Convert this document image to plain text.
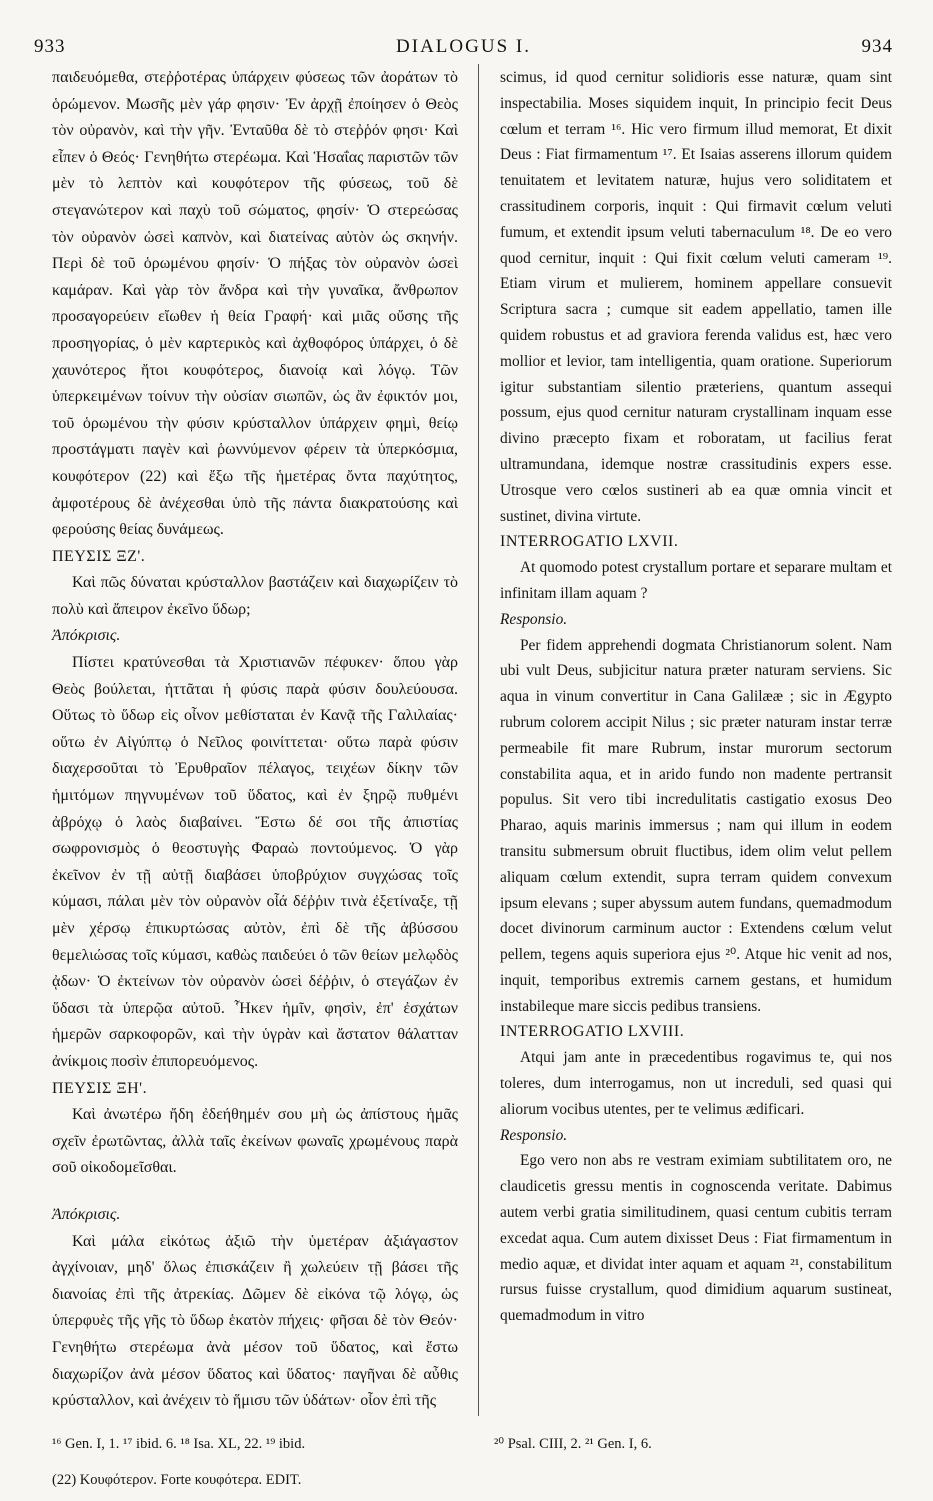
933	DIALOGUS I.	934

παιδευόμεθα, στεῤῥοτέρας ὑπάρχειν φύσεως τῶν ἀοράτων τὸ ὁρώμενον. Μωσῆς μὲν γάρ φησιν· Ἐν ἀρχῇ ἐποίησεν ὁ Θεὸς τὸν οὐρανὸν, καὶ τὴν γῆν. Ἐνταῦθα δὲ τὸ στεῤῥόν φησι· Καὶ εἶπεν ὁ Θεός· Γενηθήτω στερέωμα. Καὶ Ἡσαΐας παριστῶν τῶν μὲν τὸ λεπτὸν καὶ κουφότερον τῆς φύσεως, τοῦ δὲ στεγανώτερον καὶ παχὺ τοῦ σώματος, φησίν· Ὁ στερεώσας τὸν οὐρανὸν ὡσεὶ καπνὸν, καὶ διατείνας αὐτὸν ὡς σκηνήν. Περὶ δὲ τοῦ ὁρωμένου φησίν· Ὁ πήξας τὸν οὐρανὸν ὡσεὶ καμάραν. Καὶ γὰρ τὸν ἄνδρα καὶ τὴν γυναῖκα, ἄνθρωπον προσαγορεύειν εἴωθεν ἡ θεία Γραφή· καὶ μιᾶς οὔσης τῆς προσηγορίας, ὁ μὲν καρτερικὸς καὶ ἀχθοφόρος ὑπάρχει, ὁ δὲ χαυνότερος ἤτοι κουφότερος, διανοίᾳ καὶ λόγῳ. Τῶν ὑπερκειμένων τοίνυν τὴν οὐσίαν σιωπῶν, ὡς ἂν ἐφικτόν μοι, τοῦ ὁρωμένου τὴν φύσιν κρύσταλλον ὑπάρχειν φημὶ, θείῳ προστάγματι παγὲν καὶ ῥωννύμενον φέρειν τὰ ὑπερκόσμια, κουφότερον (22) καὶ ἔξω τῆς ἡμετέρας ὄντα παχύτητος, ἀμφοτέρους δὲ ἀνέχεσθαι ὑπὸ τῆς πάντα διακρατούσης καὶ φερούσης θείας δυνάμεως.

ΠΕΥΣΙΣ ΞΖ'.

Καὶ πῶς δύναται κρύσταλλον βαστάζειν καὶ διαχωρίζειν τὸ πολὺ καὶ ἄπειρον ἐκεῖνο ὕδωρ;

Ἀπόκρισις.

Πίστει κρατύνεσθαι τὰ Χριστιανῶν πέφυκεν· ὅπου γὰρ Θεὸς βούλεται, ἡττᾶται ἡ φύσις παρὰ φύσιν δουλεύουσα. Οὕτως τὸ ὕδωρ εἰς οἶνον μεθίσταται ἐν Κανᾷ τῆς Γαλιλαίας· οὕτω ἐν Αἰγύπτῳ ὁ Νεῖλος φοινίττεται· οὕτω παρὰ φύσιν διαχερσοῦται τὸ Ἐρυθραῖον πέλαγος, τειχέων δίκην τῶν ἡμιτόμων πηγνυμένων τοῦ ὕδατος, καὶ ἐν ξηρῷ πυθμένι ἀβρόχῳ ὁ λαὸς διαβαίνει. Ἔστω δέ σοι τῆς ἀπιστίας σωφρονισμὸς ὁ θεοστυγὴς Φαραὼ ποντούμενος. Ὁ γὰρ ἐκεῖνον ἐν τῇ αὐτῇ διαβάσει ὑποβρύχιον συγχώσας τοῖς κύμασι, πάλαι μὲν τὸν οὐρανὸν οἷά δέῤῥιν τινὰ ἐξετίναξε, τῇ μὲν χέρσῳ ἐπικυρτώσας αὐτὸν, ἐπὶ δὲ τῆς ἀβύσσου θεμελιώσας τοῖς κύμασι, καθὼς παιδεύει ὁ τῶν θείων μελῳδὸς ᾀδων· Ὁ ἐκτείνων τὸν οὐρανὸν ὡσεὶ δέῤῥιν, ὁ στεγάζων ἐν ὕδασι τὰ ὑπερῷα αὐτοῦ. Ἧκεν ἡμῖν, φησὶν, ἐπ' ἐσχάτων ἡμερῶν σαρκοφορῶν, καὶ τὴν ὑγρὰν καὶ ἄστατον θάλατταν ἀνίκμοις ποσὶν ἐπιπορευόμενος.

ΠΕΥΣΙΣ ΞΗ'.

Καὶ ἀνωτέρω ἤδη ἐδεήθημέν σου μὴ ὡς ἀπίστους ἡμᾶς σχεῖν ἐρωτῶντας, ἀλλὰ ταῖς ἐκείνων φωναῖς χρωμένους παρὰ σοῦ οἰκοδομεῖσθαι.

Ἀπόκρισις.

Καὶ μάλα εἰκότως ἀξιῶ τὴν ὑμετέραν ἀξιάγαστον ἀγχίνοιαν, μηδ' ὅλως ἐπισκάζειν ἢ χωλεύειν τῇ βάσει τῆς διανοίας ἐπὶ τῆς ἀτρεκίας. Δῶμεν δὲ εἰκόνα τῷ λόγῳ, ὡς ὑπερφυὲς τῆς γῆς τὸ ὕδωρ ἑκατὸν πήχεις· φῆσαι δὲ τὸν Θεόν· Γενηθήτω στερέωμα ἀνὰ μέσον τοῦ ὕδατος, καὶ ἔστω διαχωρίζον ἀνὰ μέσον ὕδατος καὶ ὕδατος· παγῆναι δὲ αὖθις κρύσταλλον, καὶ ἀνέχειν τὸ ἥμισυ τῶν ὑδάτων· οἷον ἐπὶ τῆς

scimus, id quod cernitur solidioris esse naturæ, quam sint inspectabilia. Moses siquidem inquit, In principio fecit Deus cœlum et terram ¹⁶. Hic vero firmum illud memorat, Et dixit Deus : Fiat firmamentum ¹⁷. Et Isaias asserens illorum quidem tenuitatem et levitatem naturæ, hujus vero soliditatem et crassitudinem corporis, inquit : Qui firmavit cœlum veluti fumum, et extendit ipsum veluti tabernaculum ¹⁸. De eo vero quod cernitur, inquit : Qui fixit cœlum veluti cameram ¹⁹. Etiam virum et mulierem, hominem appellare consuevit Scriptura sacra ; cumque sit eadem appellatio, tamen ille quidem robustus et ad graviora ferenda validus est, hæc vero mollior et levior, tam intelligentia, quam oratione. Superiorum igitur substantiam silentio præteriens, quantum assequi possum, ejus quod cernitur naturam crystallinam inquam esse divino præcepto fixam et roboratam, ut facilius ferat ultramundana, idemque nostræ crassitudinis expers esse. Utrosque vero cœlos sustineri ab ea quæ omnia vincit et sustinet, divina virtute.

INTERROGATIO LXVII.

At quomodo potest crystallum portare et separare multam et infinitam illam aquam ?

Responsio.

Per fidem apprehendi dogmata Christianorum solent. Nam ubi vult Deus, subjicitur natura præter naturam serviens. Sic aqua in vinum convertitur in Cana Galilææ ; sic in Ægypto rubrum colorem accipit Nilus ; sic præter naturam instar terræ permeabile fit mare Rubrum, instar murorum sectorum constabilita aqua, et in arido fundo non madente pertransit populus. Sit vero tibi incredulitatis castigatio exosus Deo Pharao, aquis marinis immersus ; nam qui illum in eodem transitu submersum obruit fluctibus, idem olim velut pellem aliquam cœlum extendit, supra terram quidem convexum ipsum elevans ; super abyssum autem fundans, quemadmodum docet divinorum carminum auctor : Extendens cœlum velut pellem, tegens aquis superiora ejus ²⁰. Atque hic venit ad nos, inquit, temporibus extremis carnem gestans, et humidum instabileque mare siccis pedibus transiens.

INTERROGATIO LXVIII.

Atqui jam ante in præcedentibus rogavimus te, qui nos toleres, dum interrogamus, non ut increduli, sed quasi qui aliorum vocibus utentes, per te velimus ædificari.

Responsio.

Ego vero non abs re vestram eximiam subtilitatem oro, ne claudicetis gressu mentis in cognoscenda veritate. Dabimus autem verbi gratia similitudinem, quasi centum cubitis terram excedat aqua. Cum autem dixisset Deus : Fiat firmamentum in medio aquæ, et dividat inter aquam et aquam ²¹, constabilitum rursus fuisse crystallum, quod dimidium aquarum sustineat, quemadmodum in vitro

¹⁶ Gen. I, 1. ¹⁷ ibid. 6. ¹⁸ Isa. XL, 22. ¹⁹ ibid.	²⁰ Psal. CIII, 2. ²¹ Gen. I, 6.
(22) Κουφότερον. Forte κουφότερα. EDIT.
